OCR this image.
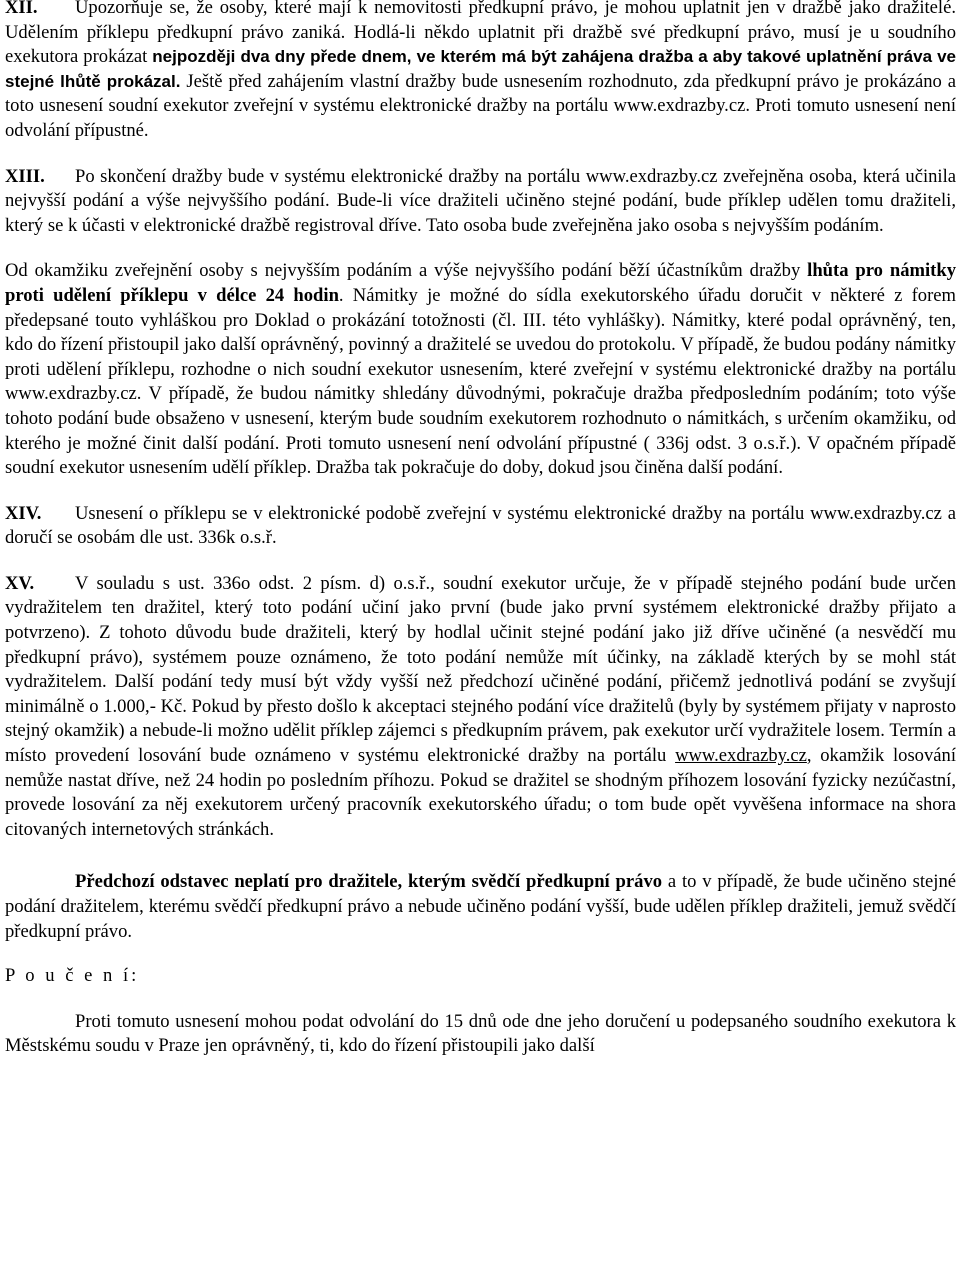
XII. Upozorňuje se, že osoby, které mají k nemovitosti předkupní právo, je mohou uplatnit jen v dražbě jako dražitelé. Udělením příklepu předkupní právo zaniká. Hodlá-li někdo uplatnit při dražbě své předkupní právo, musí je u soudního exekutora prokázat nejpozději dva dny přede dnem, ve kterém má být zahájena dražba a aby takové uplatnění práva ve stejné lhůtě prokázal. Ještě před zahájením vlastní dražby bude usnesením rozhodnuto, zda předkupní právo je prokázáno a toto usnesení soudní exekutor zveřejní v systému elektronické dražby na portálu www.exdrazby.cz. Proti tomuto usnesení není odvolání přípustné.

XIII. Po skončení dražby bude v systému elektronické dražby na portálu www.exdrazby.cz zveřejněna osoba, která učinila nejvyšší podání a výše nejvyššího podání. Bude-li více dražiteli učiněno stejné podání, bude příklep udělen tomu dražiteli, který se k účasti v elektronické dražbě registroval dříve. Tato osoba bude zveřejněna jako osoba s nejvyšším podáním.

Od okamžiku zveřejnění osoby s nejvyšším podáním a výše nejvyššího podání běží účastníkům dražby lhůta pro námitky proti udělení příklepu v délce 24 hodin. Námitky je možné do sídla exekutorského úřadu doručit v některé z forem předepsané touto vyhláškou pro Doklad o prokázání totožnosti (čl. III. této vyhlášky). Námitky, které podal oprávněný, ten, kdo do řízení přistoupil jako další oprávněný, povinný a dražitelé se uvedou do protokolu. V případě, že budou podány námitky proti udělení příklepu, rozhodne o nich soudní exekutor usnesením, které zveřejní v systému elektronické dražby na portálu www.exdrazby.cz. V případě, že budou námitky shledány důvodnými, pokračuje dražba předposledním podáním; toto výše tohoto podání bude obsaženo v usnesení, kterým bude soudním exekutorem rozhodnuto o námitkách, s určením okamžiku, od kterého je možné činit další podání. Proti tomuto usnesení není odvolání přípustné ( 336j odst. 3 o.s.ř.). V opačném případě soudní exekutor usnesením udělí příklep. Dražba tak pokračuje do doby, dokud jsou činěna další podání.

XIV. Usnesení o příklepu se v elektronické podobě zveřejní v systému elektronické dražby na portálu www.exdrazby.cz a doručí se osobám dle ust. 336k o.s.ř.

XV. V souladu s ust. 336o odst. 2 písm. d) o.s.ř., soudní exekutor určuje, že v případě stejného podání bude určen vydražitelem ten dražitel, který toto podání učiní jako první (bude jako první systémem elektronické dražby přijato a potvrzeno). Z tohoto důvodu bude dražiteli, který by hodlal učinit stejné podání jako již dříve učiněné (a nesvědčí mu předkupní právo), systémem pouze oznámeno, že toto podání nemůže mít účinky, na základě kterých by se mohl stát vydražitelem. Další podání tedy musí být vždy vyšší než předchozí učiněné podání, přičemž jednotlivá podání se zvyšují minimálně o 1.000,- Kč. Pokud by přesto došlo k akceptaci stejného podání více dražitelů (byly by systémem přijaty v naprosto stejný okamžik) a nebude-li možno udělit příklep zájemci s předkupním právem, pak exekutor určí vydražitele losem. Termín a místo provedení losování bude oznámeno v systému elektronické dražby na portálu www.exdrazby.cz, okamžik losování nemůže nastat dříve, než 24 hodin po posledním příhozu. Pokud se dražitel se shodným příhozem losování fyzicky nezúčastní, provede losování za něj exekutorem určený pracovník exekutorského úřadu; o tom bude opět vyvěšena informace na shora citovaných internetových stránkách.

Předchozí odstavec neplatí pro dražitele, kterým svědčí předkupní právo a to v případě, že bude učiněno stejné podání dražitelem, kterému svědčí předkupní právo a nebude učiněno podání vyšší, bude udělen příklep dražiteli, jemuž svědčí předkupní právo.

P o u č e n í:

Proti tomuto usnesení mohou podat odvolání do 15 dnů ode dne jeho doručení u podepsaného soudního exekutora k Městskému soudu v Praze jen oprávněný, ti, kdo do řízení přistoupili jako další
